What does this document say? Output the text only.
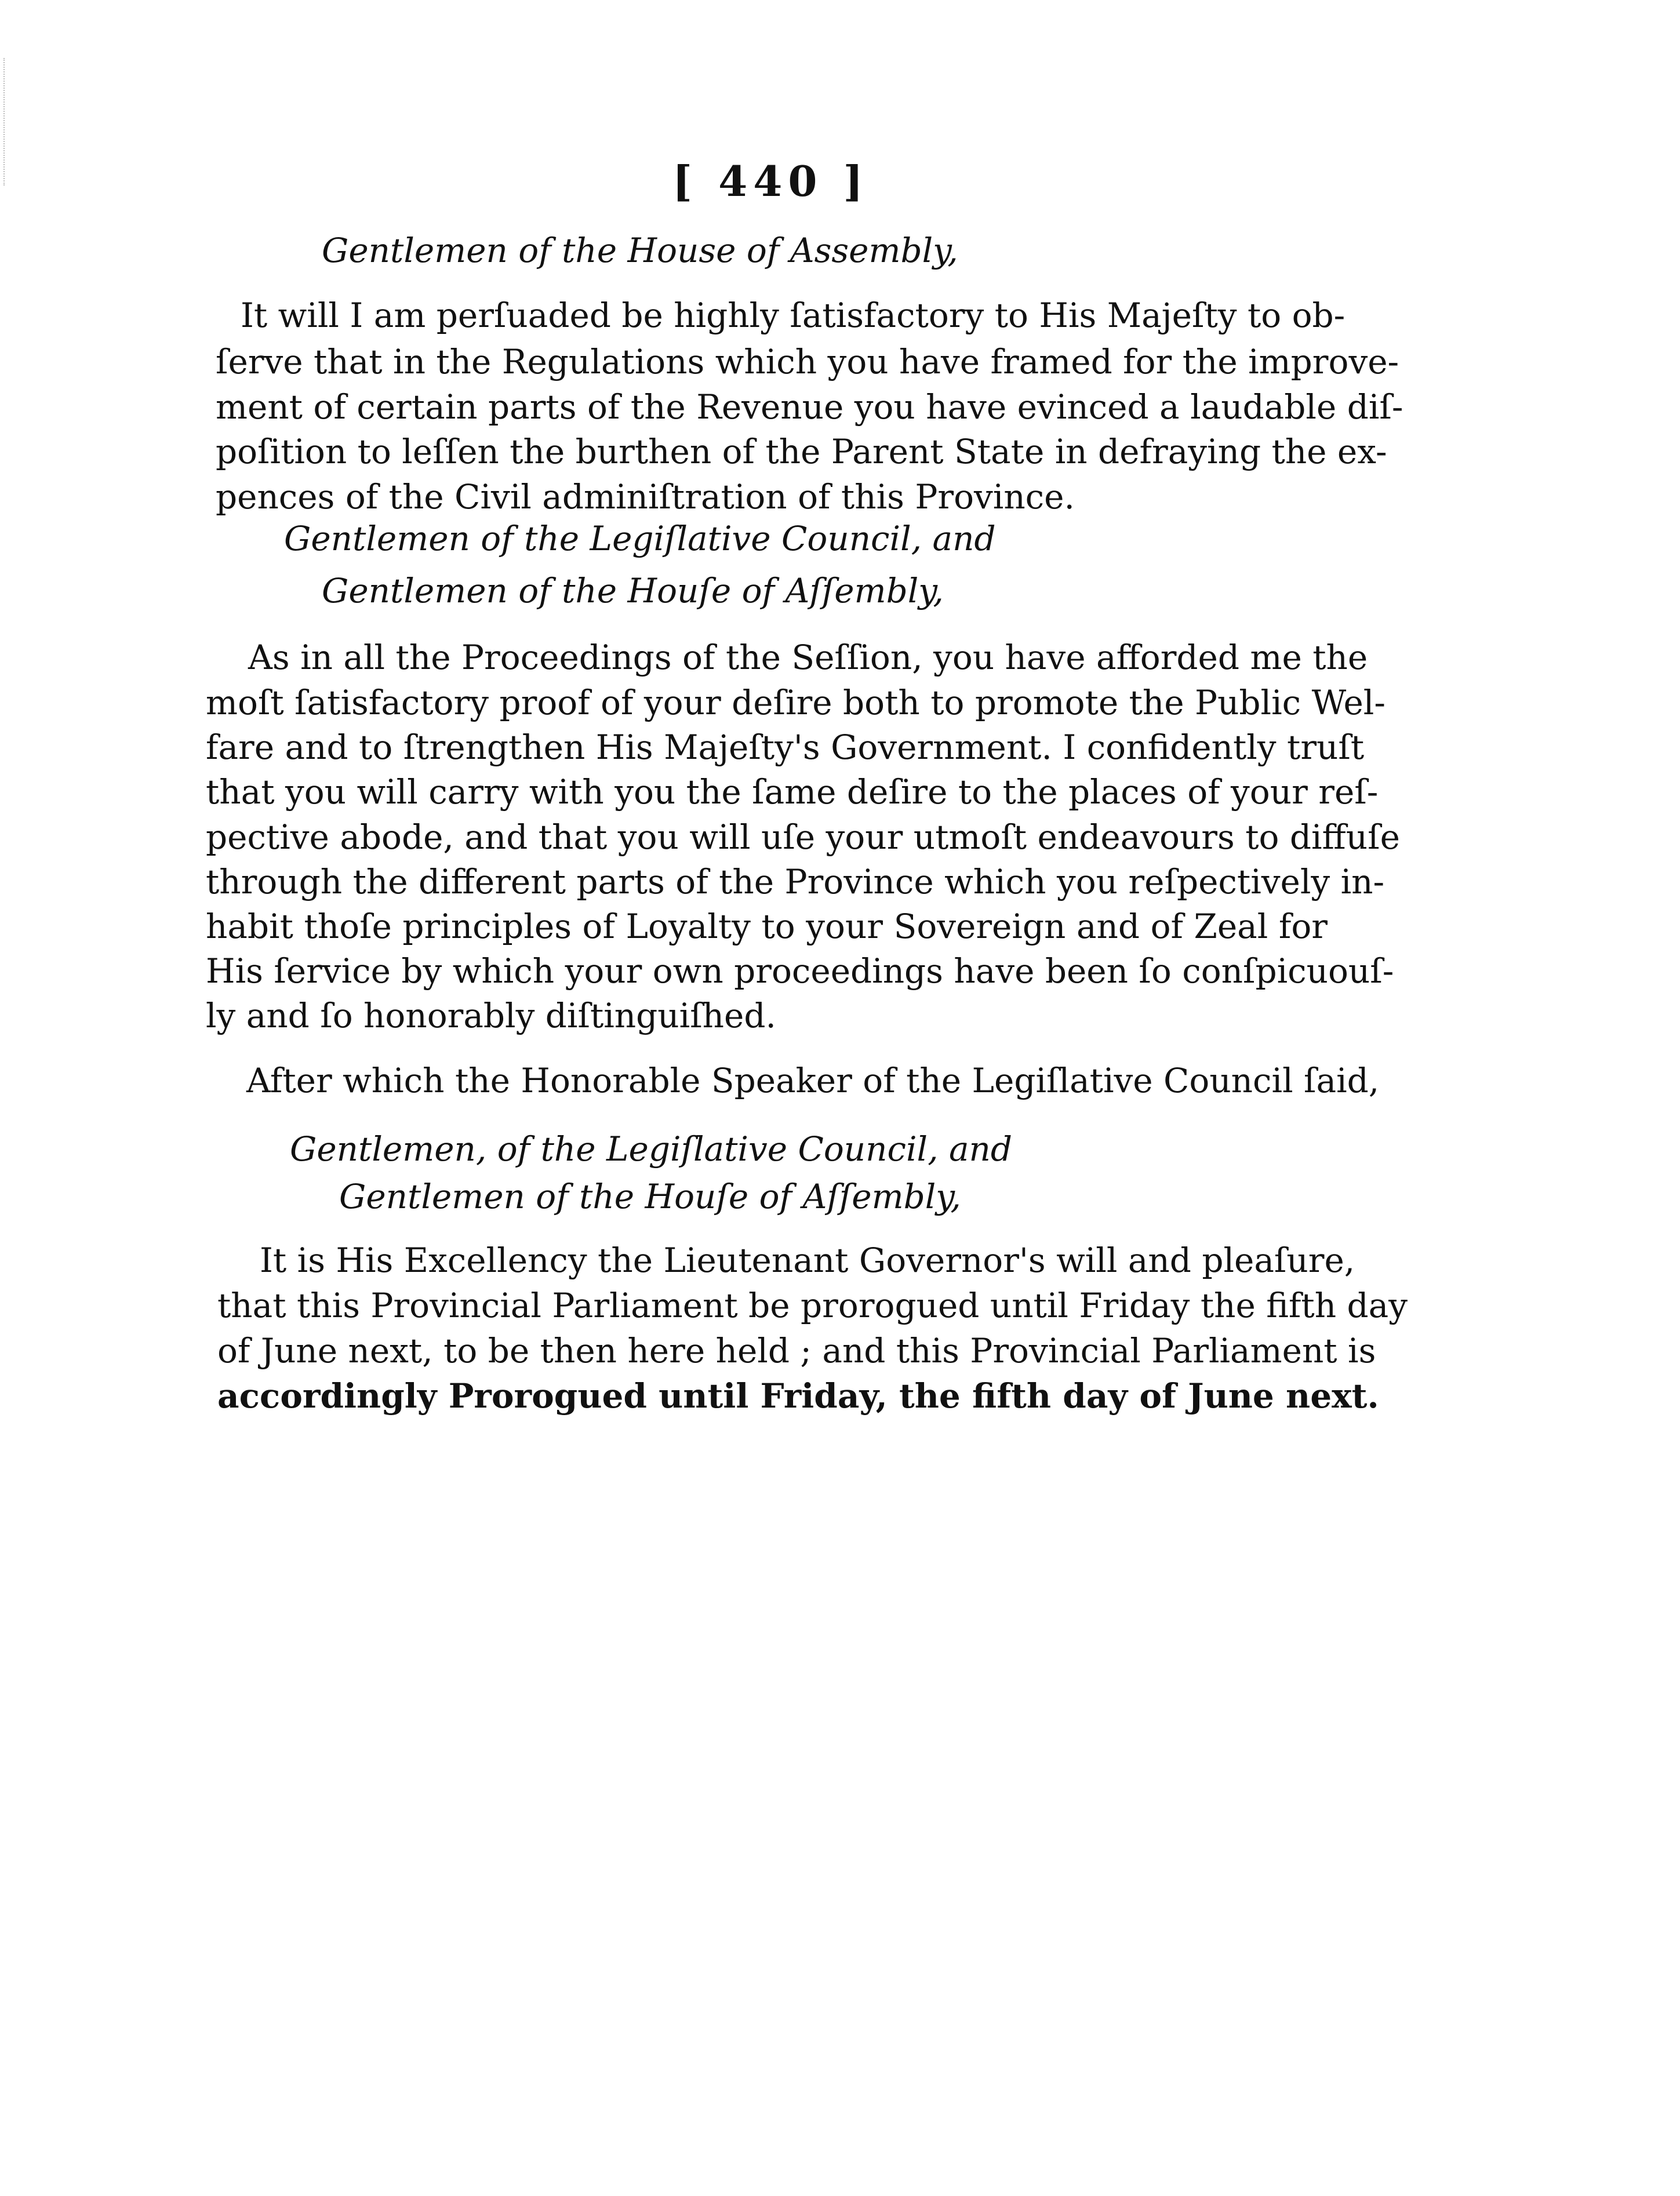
[ 440 ]
Gentlemen of the House of Assembly,
It will I am perſuaded be highly ſatisfactory to His Majeſty to ob-
ſerve that in the Regulations which you have framed for the improve-
ment of certain parts of the Revenue you have evinced a laudable diſ-
poſition to leſſen the burthen of the Parent State in defraying the ex-
pences of the Civil adminiſtration of this Province.
Gentlemen of the Legiſlative Council, and
Gentlemen of the Houſe of Aſſembly,
As in all the Proceedings of the Seſſion, you have afforded me the
moſt ſatisfactory proof of your deſire both to promote the Public Wel-
fare and to ſtrengthen His Majeſty's Government. I confidently truſt
that you will carry with you the ſame deſire to the places of your reſ-
pective abode, and that you will uſe your utmoſt endeavours to diffuſe
through the different parts of the Province which you reſpectively in-
habit thoſe principles of Loyalty to your Sovereign and of Zeal for
His ſervice by which your own proceedings have been ſo conſpicuouſ-
ly and ſo honorably diſtinguiſhed.
After which the Honorable Speaker of the Legiſlative Council ſaid,
Gentlemen, of the Legiſlative Council, and
Gentlemen of the Houſe of Aſſembly,
It is His Excellency the Lieutenant Governor's will and pleaſure,
that this Provincial Parliament be prorogued until Friday the fifth day
of June next, to be then here held ; and this Provincial Parliament is
accordingly Prorogued until Friday, the fifth day of June next.
